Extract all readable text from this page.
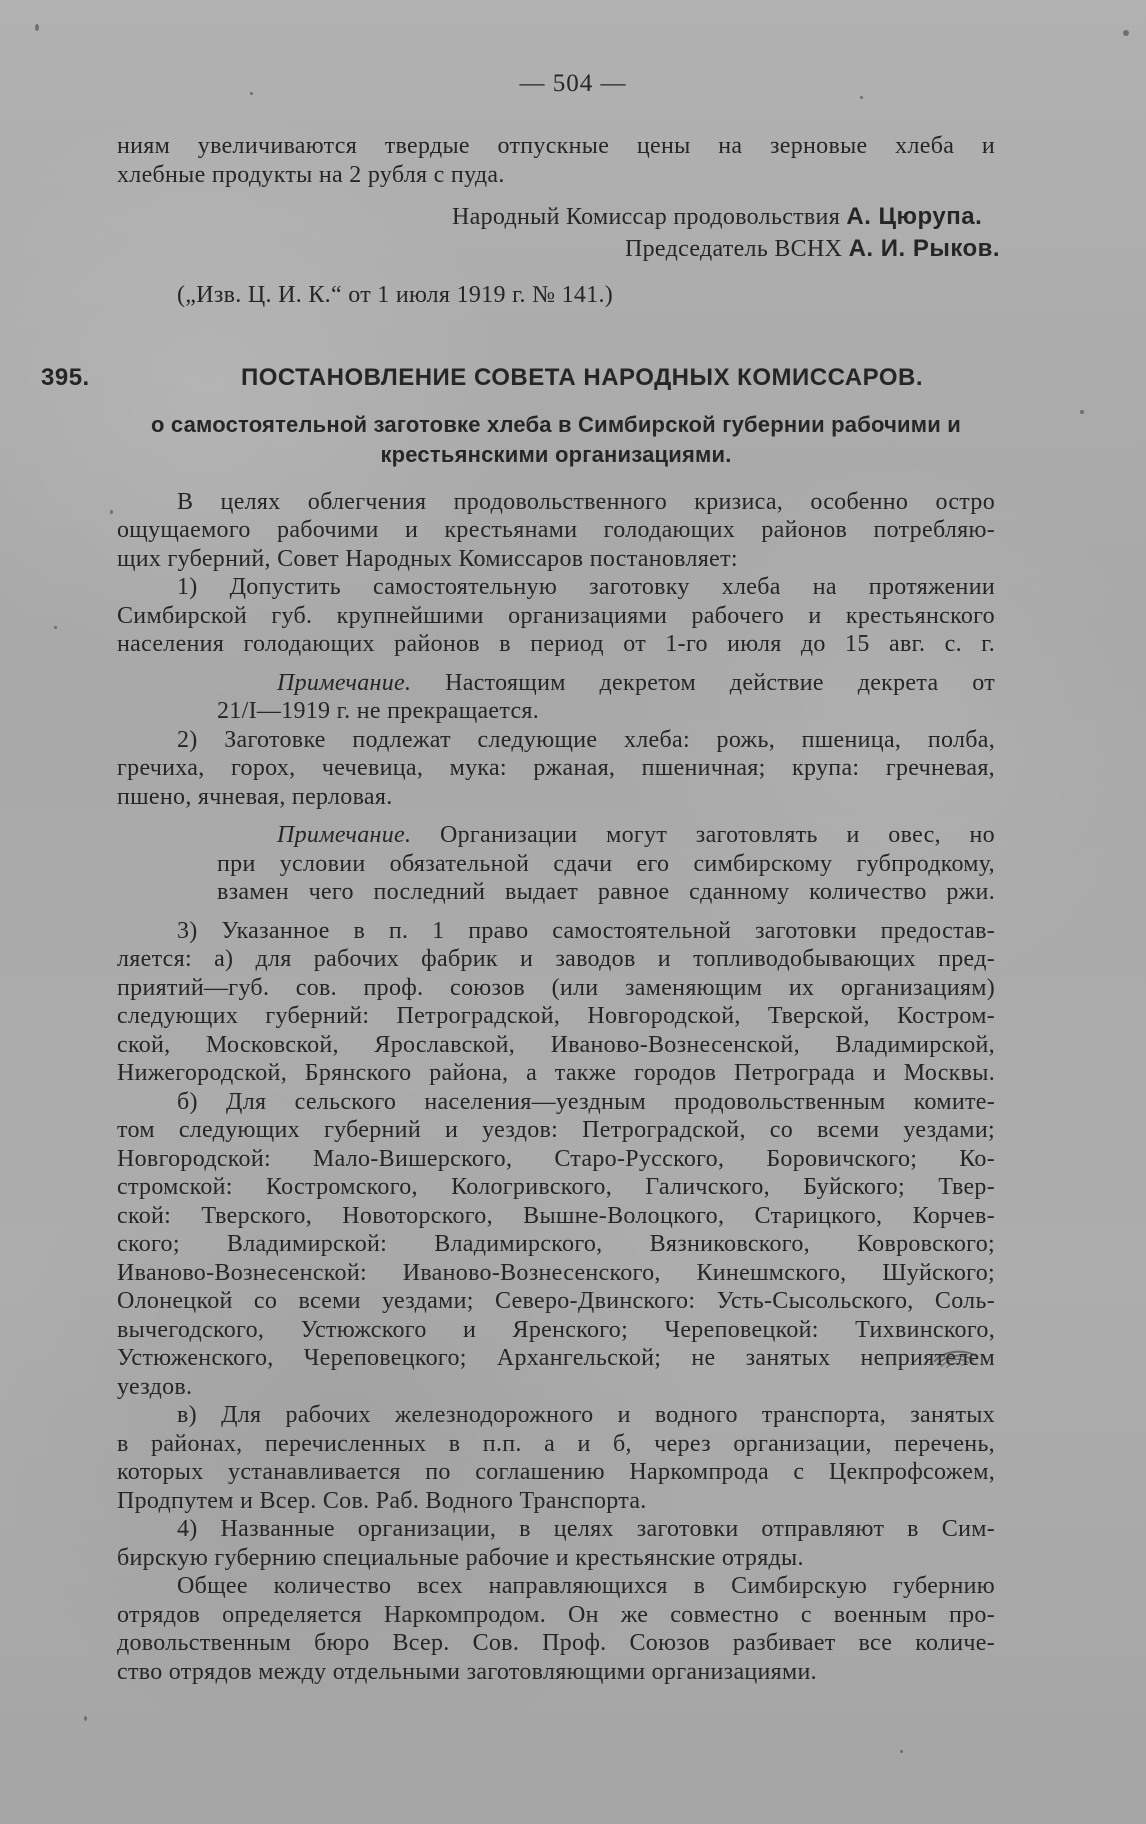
— 504 —
ниям увеличиваются твердые отпускные цены на зерновые хлеба и
хлебные продукты на 2 рубля с пуда.
Народный Комиссар продовольствия А. Цюрупа.
Председатель ВСНХ А. И. Рыков.
(„Изв. Ц. И. К.“ от 1 июля 1919 г. № 141.)
395.	ПОСТАНОВЛЕНИЕ СОВЕТА НАРОДНЫХ КОМИССАРОВ.
о самостоятельной заготовке хлеба в Симбирской губернии рабочими и
крестьянскими организациями.
В целях облегчения продовольственного кризиса, особенно остро
ощущаемого рабочими и крестьянами голодающих районов потребляю-
щих губерний, Совет Народных Комиссаров постановляет:
1) Допустить самостоятельную заготовку хлеба на протяжении
Симбирской губ. крупнейшими организациями рабочего и крестьянского
населения голодающих районов в период от 1-го июля до 15 авг. с. г.
Примечание. Настоящим декретом действие декрета от
21/I—1919 г. не прекращается.
2) Заготовке подлежат следующие хлеба: рожь, пшеница, полба,
гречиха, горох, чечевица, мука: ржаная, пшеничная; крупа: гречневая,
пшено, ячневая, перловая.
Примечание. Организации могут заготовлять и овес, но
при условии обязательной сдачи его симбирскому губпродкому,
взамен чего последний выдает равное сданному количество ржи.
3) Указанное в п. 1 право самостоятельной заготовки предостав-
ляется: а) для рабочих фабрик и заводов и топливодобывающих пред-
приятий—губ. сов. проф. союзов (или заменяющим их организациям)
следующих губерний: Петроградской, Новгородской, Тверской, Костром-
ской, Московской, Ярославской, Иваново-Вознесенской, Владимирской,
Нижегородской, Брянского района, а также городов Петрограда и Москвы.
б) Для сельского населения—уездным продовольственным комите-
том следующих губерний и уездов: Петроградской, со всеми уездами;
Новгородской: Мало-Вишерского, Старо-Русского, Боровичского; Ко-
стромской: Костромского, Кологривского, Галичского, Буйского; Твер-
ской: Тверского, Новоторского, Вышне-Волоцкого, Старицкого, Корчев-
ского; Владимирской: Владимирского, Вязниковского, Ковровского;
Иваново-Вознесенской: Иваново-Вознесенского, Кинешмского, Шуйского;
Олонецкой со всеми уездами; Северо-Двинского: Усть-Сысольского, Соль-
вычегодского, Устюжского и Яренского; Череповецкой: Тихвинского,
Устюженского, Череповецкого; Архангельской; не занятых неприятелем
уездов.
в) Для рабочих железнодорожного и водного транспорта, занятых
в районах, перечисленных в п.п. а и б, через организации, перечень,
которых устанавливается по соглашению Наркомпрода с Цекпрофсожем,
Продпутем и Всер. Сов. Раб. Водного Транспорта.
4) Названные организации, в целях заготовки отправляют в Сим-
бирскую губернию специальные рабочие и крестьянские отряды.
Общее количество всех направляющихся в Симбирскую губернию
отрядов определяется Наркомпродом. Он же совместно с военным про-
довольственным бюро Всер. Сов. Проф. Союзов разбивает все количе-
ство отрядов между отдельными заготовляющими организациями.
